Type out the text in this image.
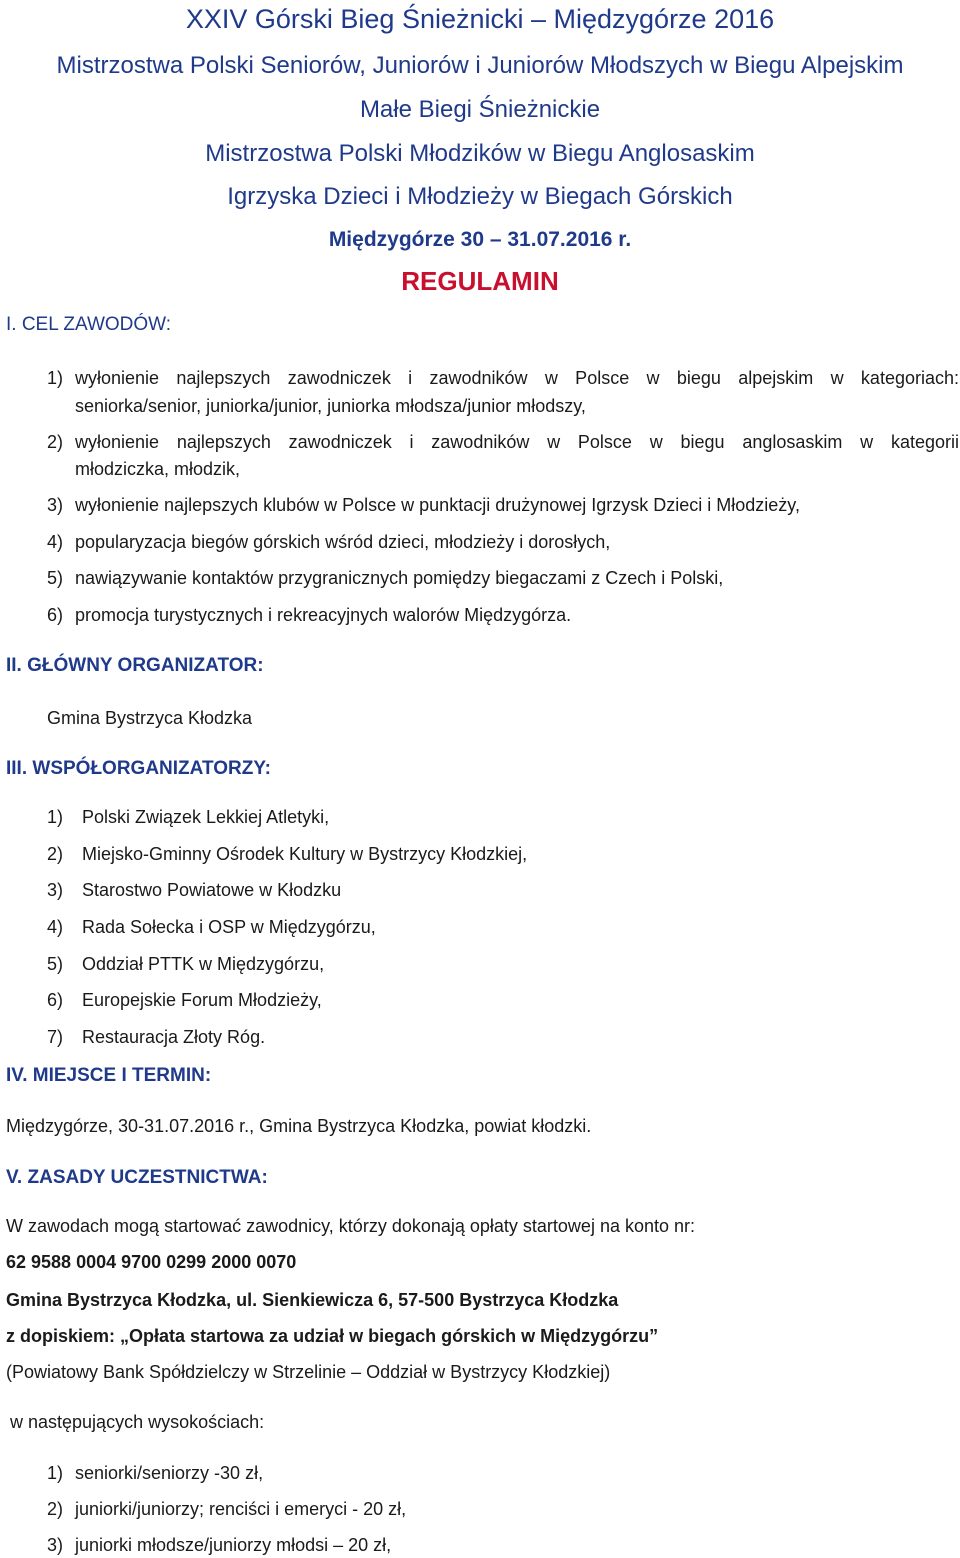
XXIV Górski Bieg Śnieżnicki – Międzygórze 2016
Mistrzostwa Polski Seniorów, Juniorów i Juniorów Młodszych w Biegu Alpejskim
Małe Biegi Śnieżnickie
Mistrzostwa Polski Młodzików w Biegu Anglosaskim
Igrzyska Dzieci i Młodzieży w Biegach Górskich
Międzygórze 30 – 31.07.2016 r.
REGULAMIN
I. CEL ZAWODÓW:
1) wyłonienie najlepszych zawodniczek i zawodników w Polsce w biegu alpejskim w kategoriach:
seniorka/senior, juniorka/junior, juniorka młodsza/junior młodszy,
2) wyłonienie najlepszych zawodniczek i zawodników w Polsce w biegu anglosaskim w kategorii
młodziczka, młodzik,
3) wyłonienie najlepszych klubów w Polsce w punktacji drużynowej Igrzysk Dzieci i Młodzieży,
4) popularyzacja biegów górskich wśród dzieci, młodzieży i dorosłych,
5) nawiązywanie kontaktów przygranicznych pomiędzy biegaczami z Czech i Polski,
6) promocja turystycznych i rekreacyjnych walorów Międzygórza.
II. GŁÓWNY ORGANIZATOR:
Gmina Bystrzyca Kłodzka
III. WSPÓŁORGANIZATORZY:
1) Polski Związek Lekkiej Atletyki,
2) Miejsko-Gminny Ośrodek Kultury w Bystrzycy Kłodzkiej,
3) Starostwo Powiatowe w Kłodzku
4) Rada Sołecka i OSP w Międzygórzu,
5) Oddział PTTK w Międzygórzu,
6) Europejskie Forum Młodzieży,
7) Restauracja Złoty Róg.
IV. MIEJSCE I TERMIN:
Międzygórze, 30-31.07.2016 r., Gmina Bystrzyca Kłodzka, powiat kłodzki.
V. ZASADY UCZESTNICTWA:
W zawodach mogą startować zawodnicy, którzy dokonają opłaty startowej na konto nr:
62 9588 0004 9700 0299 2000 0070
Gmina Bystrzyca Kłodzka, ul. Sienkiewicza 6, 57-500 Bystrzyca Kłodzka
z dopiskiem: „Opłata startowa za udział w biegach górskich w Międzygórzu”
(Powiatowy Bank Spółdzielczy w Strzelinie – Oddział w Bystrzycy Kłodzkiej)
w następujących wysokościach:
1) seniorki/seniorzy -30 zł,
2) juniorki/juniorzy; renciści i emeryci - 20 zł,
3) juniorki młodsze/juniorzy młodsi – 20 zł,
